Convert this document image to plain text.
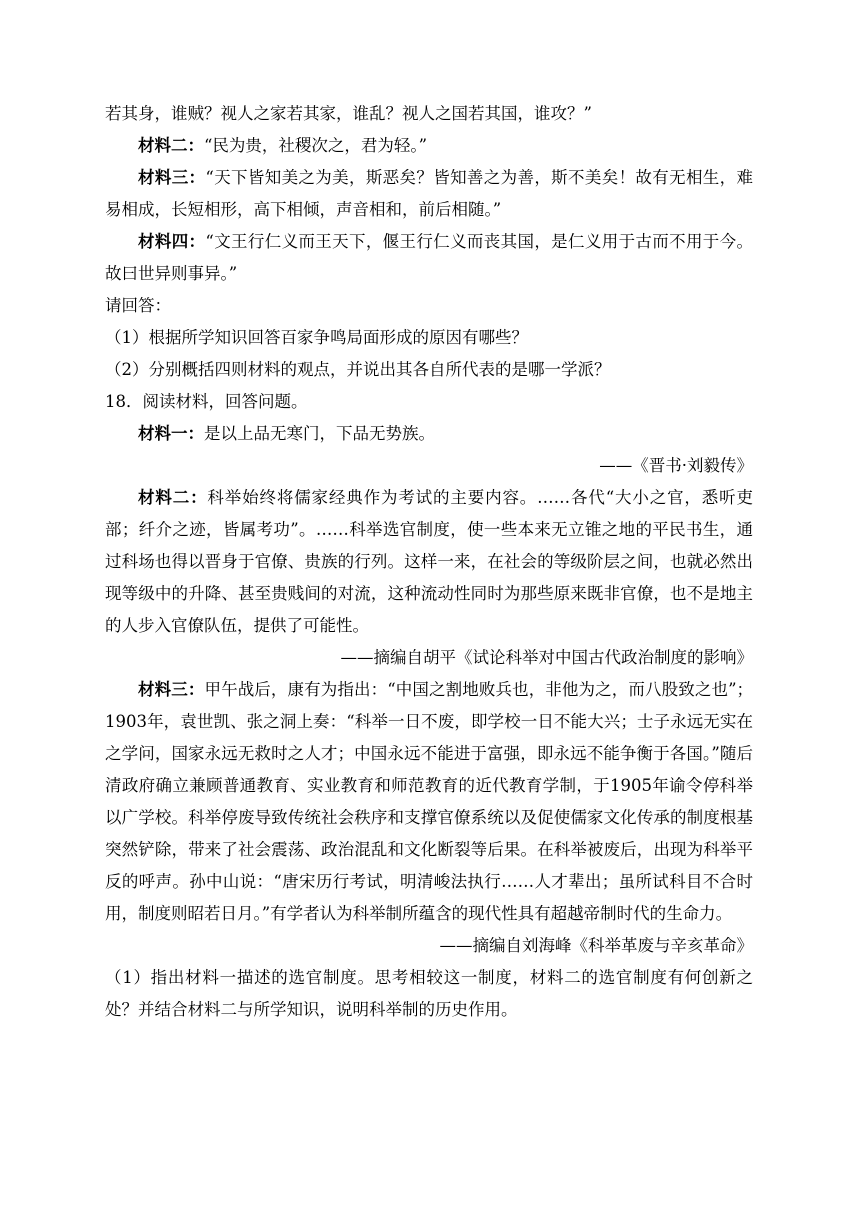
若其身，谁贼？视人之家若其家，谁乱？视人之国若其国，谁攻？”

材料二：“民为贵，社稷次之，君为轻。”

材料三：“天下皆知美之为美，斯恶矣？皆知善之为善，斯不美矣！故有无相生，难易相成，长短相形，高下相倾，声音相和，前后相随。”

材料四：“文王行仁义而王天下，偃王行仁义而丧其国，是仁义用于古而不用于今。故曰世异则事异。”

请回答：

（1）根据所学知识回答百家争鸣局面形成的原因有哪些？

（2）分别概括四则材料的观点，并说出其各自所代表的是哪一学派？

18．阅读材料，回答问题。

材料一：是以上品无寒门，下品无势族。

——《晋书·刘毅传》

材料二：科举始终将儒家经典作为考试的主要内容。……各代“大小之官，悉听吏部；纤介之迹，皆属考功”。……科举选官制度，使一些本来无立锥之地的平民书生，通过科场也得以晋身于官僚、贵族的行列。这样一来，在社会的等级阶层之间，也就必然出现等级中的升降、甚至贵贱间的对流，这种流动性同时为那些原来既非官僚，也不是地主的人步入官僚队伍，提供了可能性。

——摘编自胡平《试论科举对中国古代政治制度的影响》

材料三：甲午战后，康有为指出：“中国之割地败兵也，非他为之，而八股致之也”；1903年，袁世凯、张之洞上奏：“科举一日不废，即学校一日不能大兴；士子永远无实在之学问，国家永远无救时之人才；中国永远不能进于富强，即永远不能争衡于各国。”随后清政府确立兼顾普通教育、实业教育和师范教育的近代教育学制，于1905年谕令停科举以广学校。科举停废导致传统社会秩序和支撑官僚系统以及促使儒家文化传承的制度根基突然铲除，带来了社会震荡、政治混乱和文化断裂等后果。在科举被废后，出现为科举平反的呼声。孙中山说：“唐宋历行考试，明清峻法执行……人才辈出；虽所试科目不合时用，制度则昭若日月。”有学者认为科举制所蕴含的现代性具有超越帝制时代的生命力。

——摘编自刘海峰《科举革废与辛亥革命》

（1）指出材料一描述的选官制度。思考相较这一制度，材料二的选官制度有何创新之处？并结合材料二与所学知识，说明科举制的历史作用。
